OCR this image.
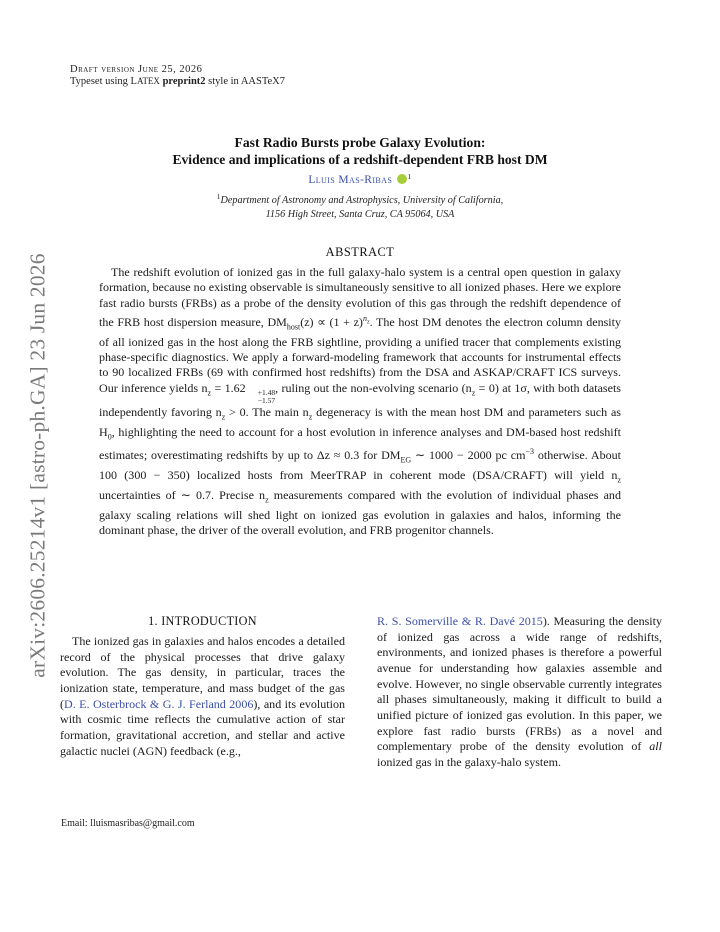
arXiv:2606.25214v1 [astro-ph.GA] 23 Jun 2026
Draft version June 25, 2026
Typeset using LATEX preprint2 style in AASTeX7
Fast Radio Bursts probe Galaxy Evolution:
Evidence and implications of a redshift-dependent FRB host DM
Lluis Mas-Ribas $^1$
$^1$Department of Astronomy and Astrophysics, University of California,
1156 High Street, Santa Cruz, CA 95064, USA
ABSTRACT

The redshift evolution of ionized gas in the full galaxy-halo system is a central open question in galaxy formation, because no existing observable is simultaneously sensitive to all ionized phases. Here we explore fast radio bursts (FRBs) as a probe of the density evolution of this gas through the redshift dependence of the FRB host dispersion measure, $DM_{host}(z) \propto (1 + z)^{n_z}$. The host DM denotes the electron column density of all ionized gas in the host along the FRB sightline, providing a unified tracer that complements existing phase-specific diagnostics. We apply a forward-modeling framework that accounts for instrumental effects to 90 localized FRBs (69 with confirmed host redshifts) from the DSA and ASKAP/CRAFT ICS surveys. Our inference yields $n_z = 1.62$	+1.48
−1.57
, ruling out the non-evolving scenario $(n_z = 0)$ at 1σ, with both datasets independently favoring $n_z > 0$. The main $n_z$ degeneracy is with the mean host DM and parameters such as $H_0$, highlighting the need to account for a host evolution in inference analyses and DM-based host redshift estimates; overestimating redshifts by up to Δz ≈ 0.3 for $DM_{EG}$ ∼ 1000 − 2000 pc $cm^{-3}$ otherwise. About 100 (300 − 350) localized hosts from MeerTRAP in coherent mode (DSA/CRAFT) will yield $n_z$ uncertainties of ∼ 0.7. Precise $n_z$ measurements compared with the evolution of individual phases and galaxy scaling relations will shed light on ionized gas evolution in galaxies and halos, informing the dominant phase, the driver of the overall evolution, and FRB progenitor channels.

1. INTRODUCTION

The ionized gas in galaxies and halos encodes a detailed record of the physical processes that drive galaxy evolution. The gas density, in particular, traces the ionization state, temperature, and mass budget of the gas (D. E. Osterbrock & G. J. Ferland 2006), and its evolution with cosmic time reflects the cumulative action of star formation, gravitational accretion, and stellar and active galactic nuclei (AGN) feedback (e.g.,

R. S. Somerville & R. Davé 2015). Measuring the density of ionized gas across a wide range of redshifts, environments, and ionized phases is therefore a powerful avenue for understanding how galaxies assemble and evolve. However, no single observable currently integrates all phases simultaneously, making it difficult to build a unified picture of ionized gas evolution. In this paper, we explore fast radio bursts (FRBs) as a novel and complementary probe of the density evolution of all ionized gas in the galaxy-halo system.

Email: lluismasribas@gmail.com
